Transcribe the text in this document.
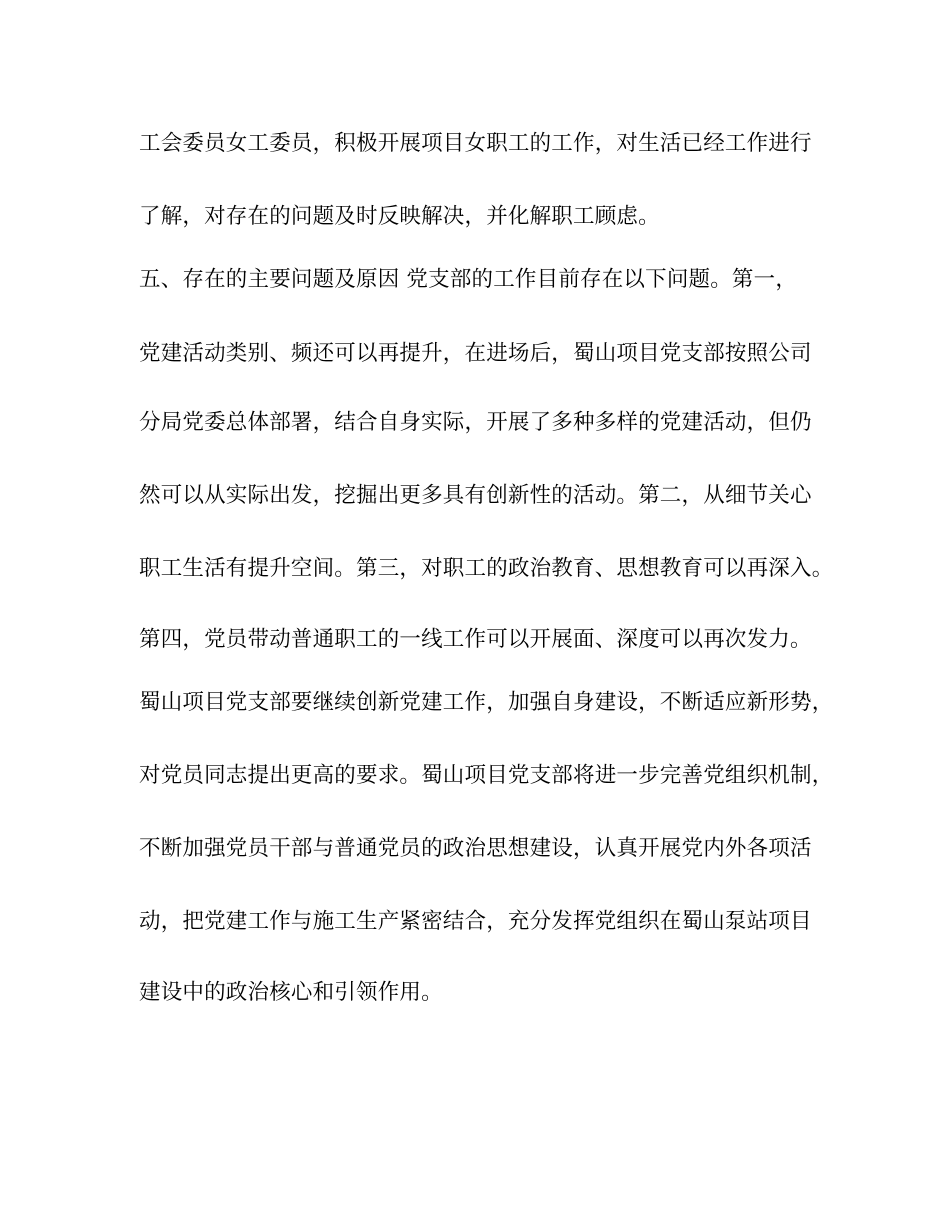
工会委员女工委员，积极开展项目女职工的工作，对生活已经工作进行
了解，对存在的问题及时反映解决，并化解职工顾虑。
五、存在的主要问题及原因 党支部的工作目前存在以下问题。第一，
党建活动类别、频还可以再提升，在进场后，蜀山项目党支部按照公司
分局党委总体部署，结合自身实际，开展了多种多样的党建活动，但仍
然可以从实际出发，挖掘出更多具有创新性的活动。第二，从细节关心
职工生活有提升空间。第三，对职工的政治教育、思想教育可以再深入。
第四，党员带动普通职工的一线工作可以开展面、深度可以再次发力。
蜀山项目党支部要继续创新党建工作，加强自身建设，不断适应新形势，
对党员同志提出更高的要求。蜀山项目党支部将进一步完善党组织机制，
不断加强党员干部与普通党员的政治思想建设，认真开展党内外各项活
动，把党建工作与施工生产紧密结合，充分发挥党组织在蜀山泵站项目
建设中的政治核心和引领作用。
